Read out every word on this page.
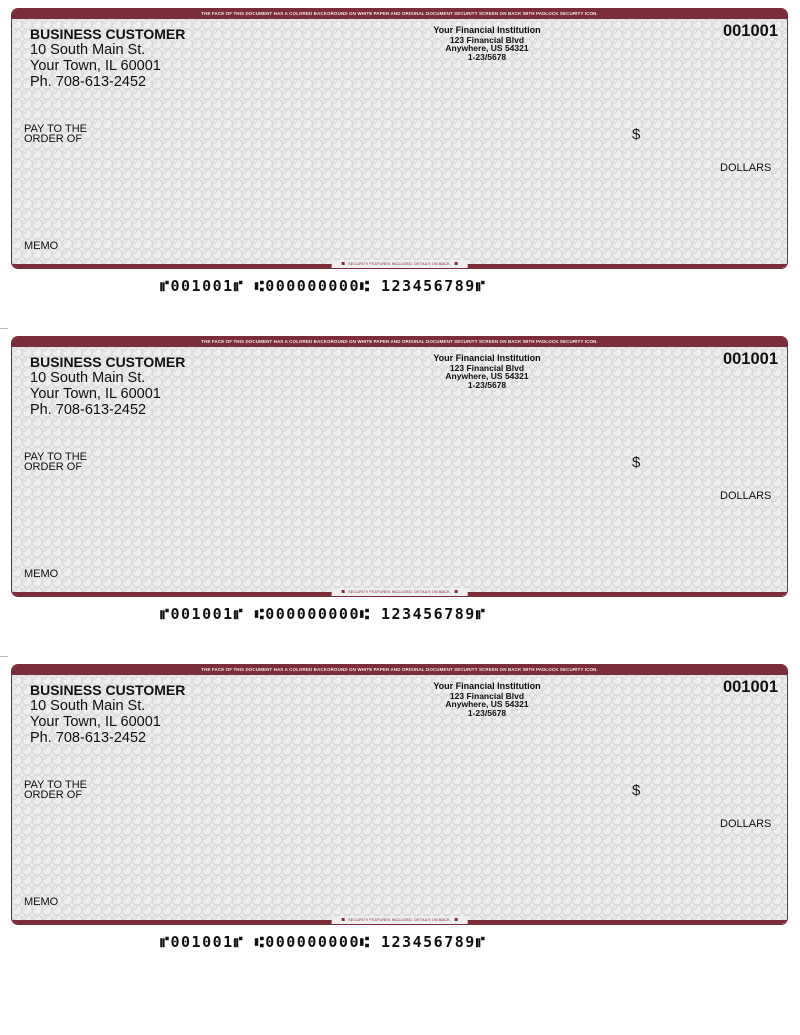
THE FACE OF THIS DOCUMENT HAS A COLORED BACKGROUND ON WHITE PAPER AND ORIGINAL DOCUMENT SECURITY SCREEN ON BACK WITH PADLOCK SECURITY ICON.
BUSINESS CUSTOMER
10 South Main St.
Your Town, IL 60001
Ph. 708-613-2452
Your Financial Institution
123 Financial Blvd
Anywhere, US 54321
1-23/5678
001001
PAY TO THE
ORDER OF	$
DOLLARS
MEMO
SECURITY FEATURES INCLUDED. DETAILS ON BACK.
⑈001001⑈ ⑆000000000⑆ 123456789⑈
THE FACE OF THIS DOCUMENT HAS A COLORED BACKGROUND ON WHITE PAPER AND ORIGINAL DOCUMENT SECURITY SCREEN ON BACK WITH PADLOCK SECURITY ICON.
BUSINESS CUSTOMER
10 South Main St.
Your Town, IL 60001
Ph. 708-613-2452
Your Financial Institution
123 Financial Blvd
Anywhere, US 54321
1-23/5678
001001
PAY TO THE
ORDER OF	$
DOLLARS
MEMO
SECURITY FEATURES INCLUDED. DETAILS ON BACK.
⑈001001⑈ ⑆000000000⑆ 123456789⑈
THE FACE OF THIS DOCUMENT HAS A COLORED BACKGROUND ON WHITE PAPER AND ORIGINAL DOCUMENT SECURITY SCREEN ON BACK WITH PADLOCK SECURITY ICON.
BUSINESS CUSTOMER
10 South Main St.
Your Town, IL 60001
Ph. 708-613-2452
Your Financial Institution
123 Financial Blvd
Anywhere, US 54321
1-23/5678
001001
PAY TO THE
ORDER OF	$
DOLLARS
MEMO
SECURITY FEATURES INCLUDED. DETAILS ON BACK.
⑈001001⑈ ⑆000000000⑆ 123456789⑈
